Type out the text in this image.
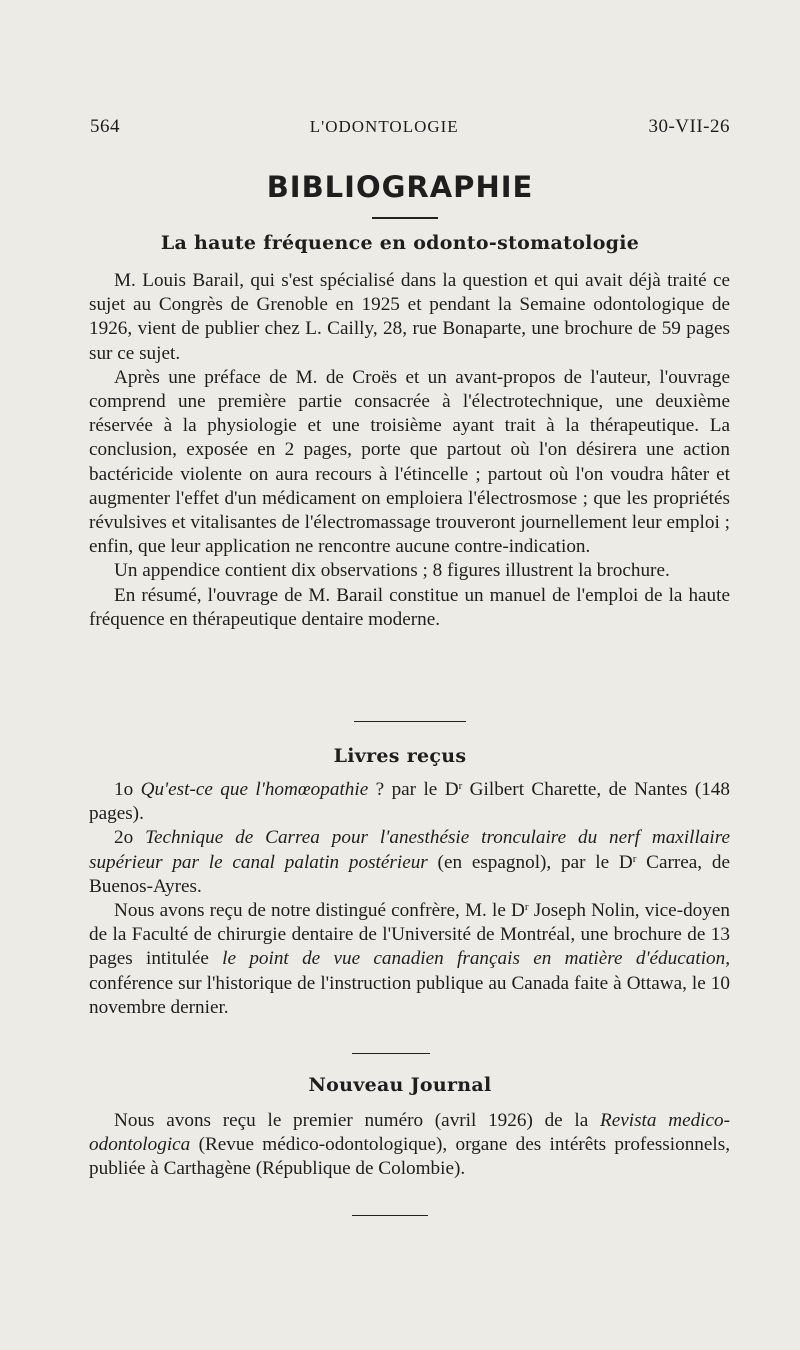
564	L'ODONTOLOGIE	30-VII-26
BIBLIOGRAPHIE
La haute fréquence en odonto-stomatologie

M. Louis Barail, qui s'est spécialisé dans la question et qui avait déjà traité ce sujet au Congrès de Grenoble en 1925 et pendant la Semaine odontologique de 1926, vient de publier chez L. Cailly, 28, rue Bonaparte, une brochure de 59 pages sur ce sujet.

Après une préface de M. de Croës et un avant-propos de l'auteur, l'ouvrage comprend une première partie consacrée à l'électrotechnique, une deuxième réservée à la physiologie et une troisième ayant trait à la thérapeutique. La conclusion, exposée en 2 pages, porte que partout où l'on désirera une action bactéricide violente on aura recours à l'étincelle ; partout où l'on voudra hâter et augmenter l'effet d'un médicament on emploiera l'électrosmose ; que les propriétés révulsives et vitalisantes de l'électromassage trouveront journellement leur emploi ; enfin, que leur application ne rencontre aucune contre-indication.

Un appendice contient dix observations ; 8 figures illustrent la brochure.

En résumé, l'ouvrage de M. Barail constitue un manuel de l'emploi de la haute fréquence en thérapeutique dentaire moderne.

Livres reçus

1o Qu'est-ce que l'homœopathie ? par le $D^r$ Gilbert Charette, de Nantes (148 pages).

2o Technique de Carrea pour l'anesthésie tronculaire du nerf maxillaire supérieur par le canal palatin postérieur (en espagnol), par le $D^r$ Carrea, de Buenos-Ayres.

Nous avons reçu de notre distingué confrère, M. le $D^r$ Joseph Nolin, vice-doyen de la Faculté de chirurgie dentaire de l'Université de Montréal, une brochure de 13 pages intitulée le point de vue canadien français en matière d'éducation, conférence sur l'historique de l'instruction publique au Canada faite à Ottawa, le 10 novembre dernier.

Nouveau Journal

Nous avons reçu le premier numéro (avril 1926) de la Revista medico-odontologica (Revue médico-odontologique), organe des intérêts professionnels, publiée à Carthagène (République de Colombie).
